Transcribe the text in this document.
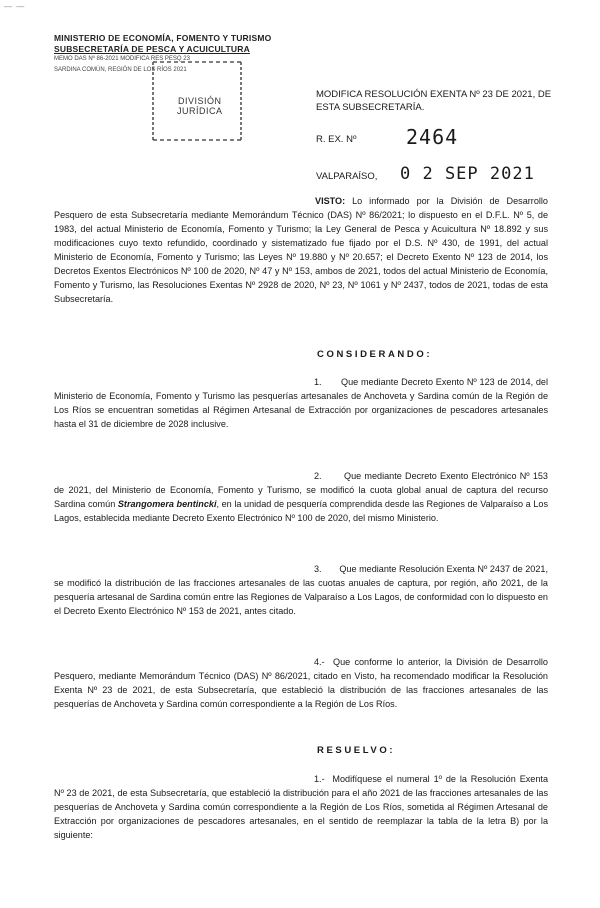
— —
MINISTERIO DE ECONOMÍA, FOMENTO Y TURISMO
SUBSECRETARÍA DE PESCA Y ACUICULTURA
MEMO DAS Nº 86-2021 MODIFICA RES PESQ 23
SARDINA COMÚN, REGIÓN DE LOS RÍOS 2021
DIVISIÓN
JURÍDICA
MODIFICA RESOLUCIÓN EXENTA Nº 23 DE 2021, DE ESTA SUBSECRETARÍA.
R. EX. Nº 2464
VALPARAÍSO, 0 2 SEP 2021
VISTO: Lo informado por la División de Desarrollo Pesquero de esta Subsecretaría mediante Memorándum Técnico (DAS) Nº 86/2021; lo dispuesto en el D.F.L. Nº 5, de 1983, del actual Ministerio de Economía, Fomento y Turismo; la Ley General de Pesca y Acuicultura Nº 18.892 y sus modificaciones cuyo texto refundido, coordinado y sistematizado fue fijado por el D.S. Nº 430, de 1991, del actual Ministerio de Economía, Fomento y Turismo; las Leyes Nº 19.880 y Nº 20.657; el Decreto Exento Nº 123 de 2014, los Decretos Exentos Electrónicos Nº 100 de 2020, Nº 47 y Nº 153, ambos de 2021, todos del actual Ministerio de Economía, Fomento y Turismo, las Resoluciones Exentas Nº 2928 de 2020, Nº 23, Nº 1061 y Nº 2437, todos de 2021, todas de esta Subsecretaría.
CONSIDERANDO:
1. Que mediante Decreto Exento Nº 123 de 2014, del Ministerio de Economía, Fomento y Turismo las pesquerías artesanales de Anchoveta y Sardina común de la Región de Los Ríos se encuentran sometidas al Régimen Artesanal de Extracción por organizaciones de pescadores artesanales hasta el 31 de diciembre de 2028 inclusive.
2. Que mediante Decreto Exento Electrónico Nº 153 de 2021, del Ministerio de Economía, Fomento y Turismo, se modificó la cuota global anual de captura del recurso Sardina común Strangomera bentincki, en la unidad de pesquería comprendida desde las Regiones de Valparaíso a Los Lagos, establecida mediante Decreto Exento Electrónico Nº 100 de 2020, del mismo Ministerio.
3. Que mediante Resolución Exenta Nº 2437 de 2021, se modificó la distribución de las fracciones artesanales de las cuotas anuales de captura, por región, año 2021, de la pesquería artesanal de Sardina común entre las Regiones de Valparaíso a Los Lagos, de conformidad con lo dispuesto en el Decreto Exento Electrónico Nº 153 de 2021, antes citado.
4.- Que conforme lo anterior, la División de Desarrollo Pesquero, mediante Memorándum Técnico (DAS) Nº 86/2021, citado en Visto, ha recomendado modificar la Resolución Exenta Nº 23 de 2021, de esta Subsecretaría, que estableció la distribución de las fracciones artesanales de las pesquerías de Anchoveta y Sardina común correspondiente a la Región de Los Ríos.
RESUELVO:
1.- Modifíquese el numeral 1º de la Resolución Exenta Nº 23 de 2021, de esta Subsecretaría, que estableció la distribución para el año 2021 de las fracciones artesanales de las pesquerías de Anchoveta y Sardina común correspondiente a la Región de Los Ríos, sometida al Régimen Artesanal de Extracción por organizaciones de pescadores artesanales, en el sentido de reemplazar la tabla de la letra B) por la siguiente:
